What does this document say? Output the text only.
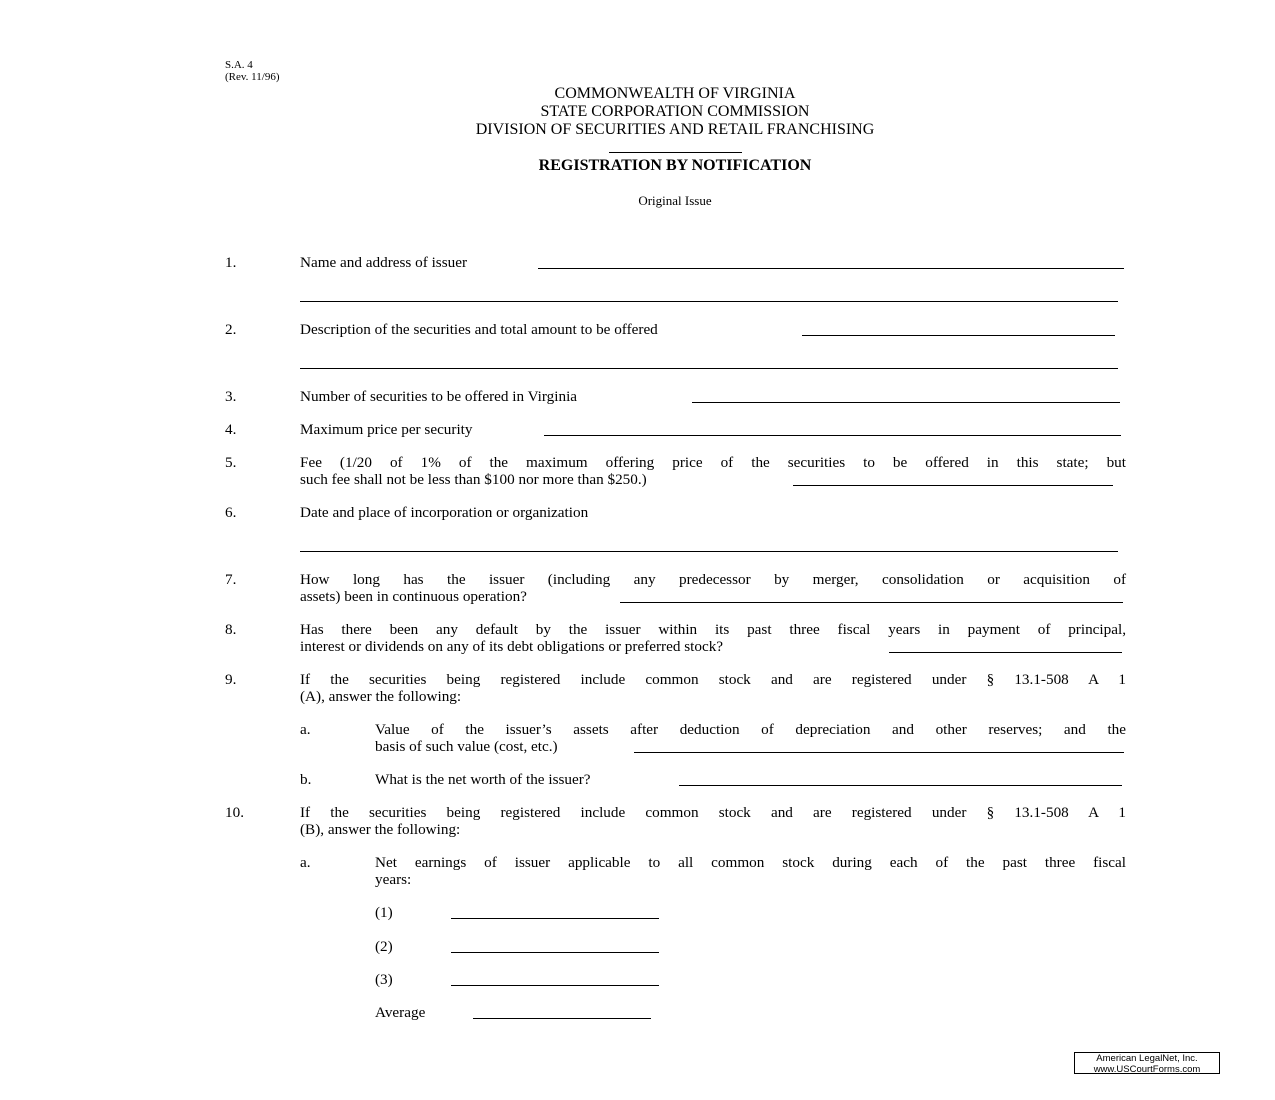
S.A. 4
(Rev. 11/96)
COMMONWEALTH OF VIRGINIA
STATE CORPORATION COMMISSION
DIVISION OF SECURITIES AND RETAIL FRANCHISING
REGISTRATION BY NOTIFICATION
Original Issue
1.	Name and address of issuer
2.	Description of the securities and total amount to be offered
3.	Number of securities to be offered in Virginia
4.	Maximum price per security
5.	Fee (1/20 of 1% of the maximum offering price of the securities to be offered in this state; but
such fee shall not be less than $100 nor more than $250.)
6.	Date and place of incorporation or organization
7.	How long has the issuer (including any predecessor by merger, consolidation or acquisition of
assets) been in continuous operation?
8.	Has there been any default by the issuer within its past three fiscal years in payment of principal,
interest or dividends on any of its debt obligations or preferred stock?
9.	If the securities being registered include common stock and are registered under § 13.1-508 A 1
(A), answer the following:
a.	Value of the issuer’s assets after deduction of depreciation and other reserves; and the
basis of such value (cost, etc.)
b.	What is the net worth of the issuer?
10.	If the securities being registered include common stock and are registered under § 13.1-508 A 1
(B), answer the following:
a.	Net earnings of issuer applicable to all common stock during each of the past three fiscal
years:
(1)
(2)
(3)
Average
American LegalNet, Inc.
www.USCourtForms.com
